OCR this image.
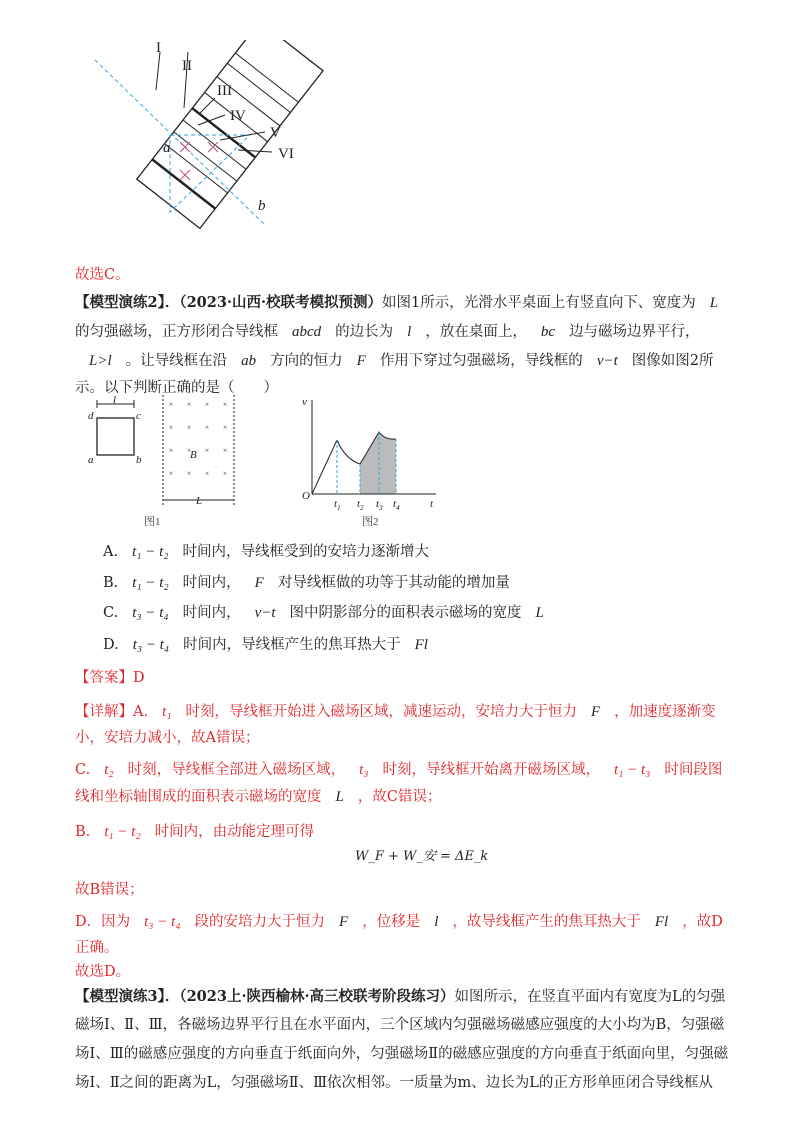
I
II
III
IV
V
VI
a
b
故选C。
【模型演练2】．（2023·山西·校联考模拟预测）如图1所示，光滑水平桌面上有竖直向下、宽度为 L
的匀强磁场，正方形闭合导线框 abcd 的边长为 l ，放在桌面上， bc 边与磁场边界平行，
L>l 。让导线框在沿 ab 方向的恒力 F 作用下穿过匀强磁场，导线框的 v−t 图像如图2所
示。以下判断正确的是（　　）
× × × ×
× × × ×
× × × ×
× × × ×
l
d	c
a	b	B
L
图1
v
t
O
$t_1$ $t_2$ $t_3$ $t_4$
图2
A. t₁ − t₂ 时间内，导线框受到的安培力逐渐增大
B. t₁ − t₂ 时间内， F 对导线框做的功等于其动能的增加量
C. t₃ − t₄ 时间内， v−t 图中阴影部分的面积表示磁场的宽度 L
D. t₃ − t₄ 时间内，导线框产生的焦耳热大于 Fl
【答案】D
【详解】A. t₁ 时刻，导线框开始进入磁场区域，减速运动，安培力大于恒力 F ，加速度逐渐变
小，安培力减小，故A错误；
C. t₂ 时刻，导线框全部进入磁场区域， t₃ 时刻，导线框开始离开磁场区域， t₁ − t₃ 时间段图
线和坐标轴围成的面积表示磁场的宽度 L ，故C错误；
B. t₁ − t₂ 时间内，由动能定理可得
W_F + W_安 = ΔE_k
故B错误；
D．因为 t₃ − t₄ 段的安培力大于恒力 F ，位移是 l ，故导线框产生的焦耳热大于 Fl ，故D
正确。
故选D。
【模型演练3】．（2023上·陕西榆林·高三校联考阶段练习）如图所示，在竖直平面内有宽度为L的匀强
磁场Ⅰ、Ⅱ、Ⅲ，各磁场边界平行且在水平面内，三个区域内匀强磁场磁感应强度的大小均为B，匀强磁
场Ⅰ、Ⅲ的磁感应强度的方向垂直于纸面向外，匀强磁场Ⅱ的磁感应强度的方向垂直于纸面向里，匀强磁
场Ⅰ、Ⅱ之间的距离为L，匀强磁场Ⅱ、Ⅲ依次相邻。一质量为m、边长为L的正方形单匝闭合导线框从
